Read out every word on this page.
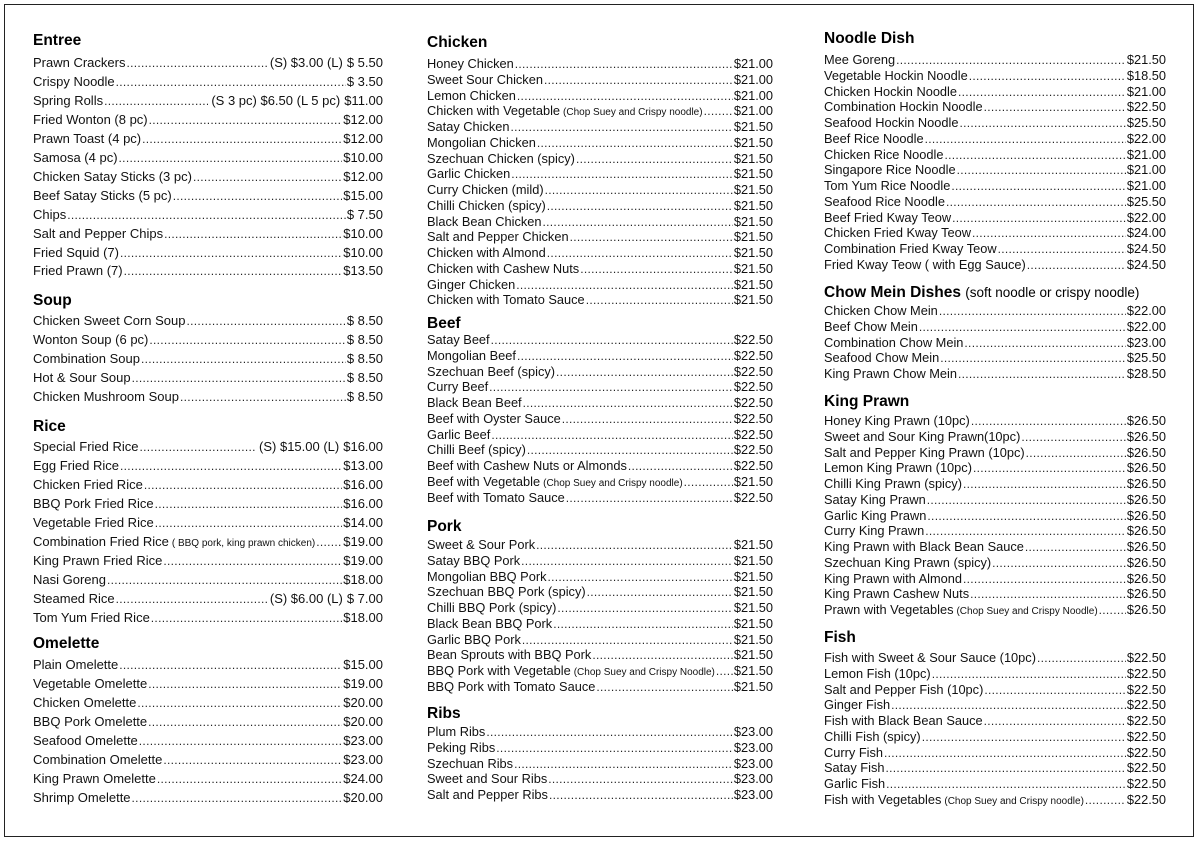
Entree
Prawn Crackers .....	(S) $3.00 (L) $ 5.50
Crispy Noodle .....	$ 3.50
Spring Rolls .....	(S 3 pc) $6.50 (L 5 pc) $11.00
Fried Wonton (8 pc) .....	$12.00
Prawn Toast (4 pc) .....	$12.00
Samosa (4 pc) .....	$10.00
Chicken Satay Sticks (3 pc) .....	$12.00
Beef Satay Sticks (5 pc) .....	$15.00
Chips .....	$ 7.50
Salt and Pepper Chips .....	$10.00
Fried Squid (7) .....	$10.00
Fried Prawn (7) .....	$13.50
Soup
Chicken Sweet Corn Soup .....	$ 8.50
Wonton Soup (6 pc) .....	$ 8.50
Combination Soup .....	$ 8.50
Hot & Sour Soup .....	$ 8.50
Chicken Mushroom Soup .....	$ 8.50
Rice
Special Fried Rice .....	(S) $15.00 (L) $16.00
Egg Fried Rice .....	$13.00
Chicken Fried Rice .....	$16.00
BBQ Pork Fried Rice .....	$16.00
Vegetable Fried Rice .....	$14.00
Combination Fried Rice ( BBQ pork, king prawn chicken) ..... $19.00
King Prawn Fried Rice .....	$19.00
Nasi Goreng .....	$18.00
Steamed Rice .....	(S) $6.00 (L) $ 7.00
Tom Yum Fried Rice .....	$18.00
Omelette
Plain Omelette .....	$15.00
Vegetable Omelette .....	$19.00
Chicken Omelette .....	$20.00
BBQ Pork Omelette .....	$20.00
Seafood Omelette .....	$23.00
Combination Omelette .....	$23.00
King Prawn Omelette .....	$24.00
Shrimp Omelette .....	$20.00
Chicken
Honey Chicken .....	$21.00
Sweet Sour Chicken .....	$21.00
Lemon Chicken .....	$21.00
Chicken with Vegetable (Chop Suey and Crispy noodle) ..... $21.00
Satay Chicken .....	$21.50
Mongolian Chicken .....	$21.50
Szechuan Chicken (spicy) .....	$21.50
Garlic Chicken .....	$21.50
Curry Chicken (mild) .....	$21.50
Chilli Chicken (spicy) .....	$21.50
Black Bean Chicken .....	$21.50
Salt and Pepper Chicken .....	$21.50
Chicken with Almond .....	$21.50
Chicken with Cashew Nuts .....	$21.50
Ginger Chicken .....	$21.50
Chicken with Tomato Sauce .....	$21.50
Beef
Satay Beef .....	$22.50
Mongolian Beef .....	$22.50
Szechuan Beef (spicy) .....	$22.50
Curry Beef .....	$22.50
Black Bean Beef .....	$22.50
Beef with Oyster Sauce .....	$22.50
Garlic Beef .....	$22.50
Chilli Beef (spicy) .....	$22.50
Beef with Cashew Nuts or Almonds .....	$22.50
Beef with Vegetable (Chop Suey and Crispy noodle) .....	$21.50
Beef with Tomato Sauce .....	$22.50
Pork
Sweet & Sour Pork .....	$21.50
Satay BBQ Pork .....	$21.50
Mongolian BBQ Pork .....	$21.50
Szechuan BBQ Pork (spicy) .....	$21.50
Chilli BBQ Pork (spicy) .....	$21.50
Black Bean BBQ Pork .....	$21.50
Garlic BBQ Pork .....	$21.50
Bean Sprouts with BBQ Pork .....	$21.50
BBQ Pork with Vegetable (Chop Suey and Crispy Noodle) ..... $21.50
BBQ Pork with Tomato Sauce .....	$21.50
Ribs
Plum Ribs .....	$23.00
Peking Ribs .....	$23.00
Szechuan Ribs .....	$23.00
Sweet and Sour Ribs .....	$23.00
Salt and Pepper Ribs .....	$23.00
Noodle Dish
Mee Goreng .....	$21.50
Vegetable Hockin Noodle .....	$18.50
Chicken Hockin Noodle .....	$21.00
Combination Hockin Noodle .....	$22.50
Seafood Hockin Noodle .....	$25.50
Beef Rice Noodle .....	$22.00
Chicken Rice Noodle .....	$21.00
Singapore Rice Noodle .....	$21.00
Tom Yum Rice Noodle .....	$21.00
Seafood Rice Noodle .....	$25.50
Beef Fried Kway Teow .....	$22.00
Chicken Fried Kway Teow .....	$24.00
Combination Fried Kway Teow .....	$24.50
Fried Kway Teow ( with Egg Sauce) .....	$24.50
Chow Mein Dishes (soft noodle or crispy noodle)
Chicken Chow Mein .....	$22.00
Beef Chow Mein .....	$22.00
Combination Chow Mein .....	$23.00
Seafood Chow Mein .....	$25.50
King Prawn Chow Mein .....	$28.50
King Prawn
Honey King Prawn (10pc) .....	$26.50
Sweet and Sour King Prawn(10pc) .....	$26.50
Salt and Pepper King Prawn (10pc) .....	$26.50
Lemon King Prawn (10pc) .....	$26.50
Chilli King Prawn (spicy) .....	$26.50
Satay King Prawn .....	$26.50
Garlic King Prawn .....	$26.50
Curry King Prawn .....	$26.50
King Prawn with Black Bean Sauce .....	$26.50
Szechuan King Prawn (spicy) .....	$26.50
King Prawn with Almond .....	$26.50
King Prawn Cashew Nuts .....	$26.50
Prawn with Vegetables (Chop Suey and Crispy Noodle) ..... $26.50
Fish
Fish with Sweet & Sour Sauce (10pc) .....	$22.50
Lemon Fish (10pc) .....	$22.50
Salt and Pepper Fish (10pc) .....	$22.50
Ginger Fish .....	$22.50
Fish with Black Bean Sauce .....	$22.50
Chilli Fish (spicy) .....	$22.50
Curry Fish .....	$22.50
Satay Fish .....	$22.50
Garlic Fish .....	$22.50
Fish with Vegetables (Chop Suey and Crispy noodle) .....	$22.50
